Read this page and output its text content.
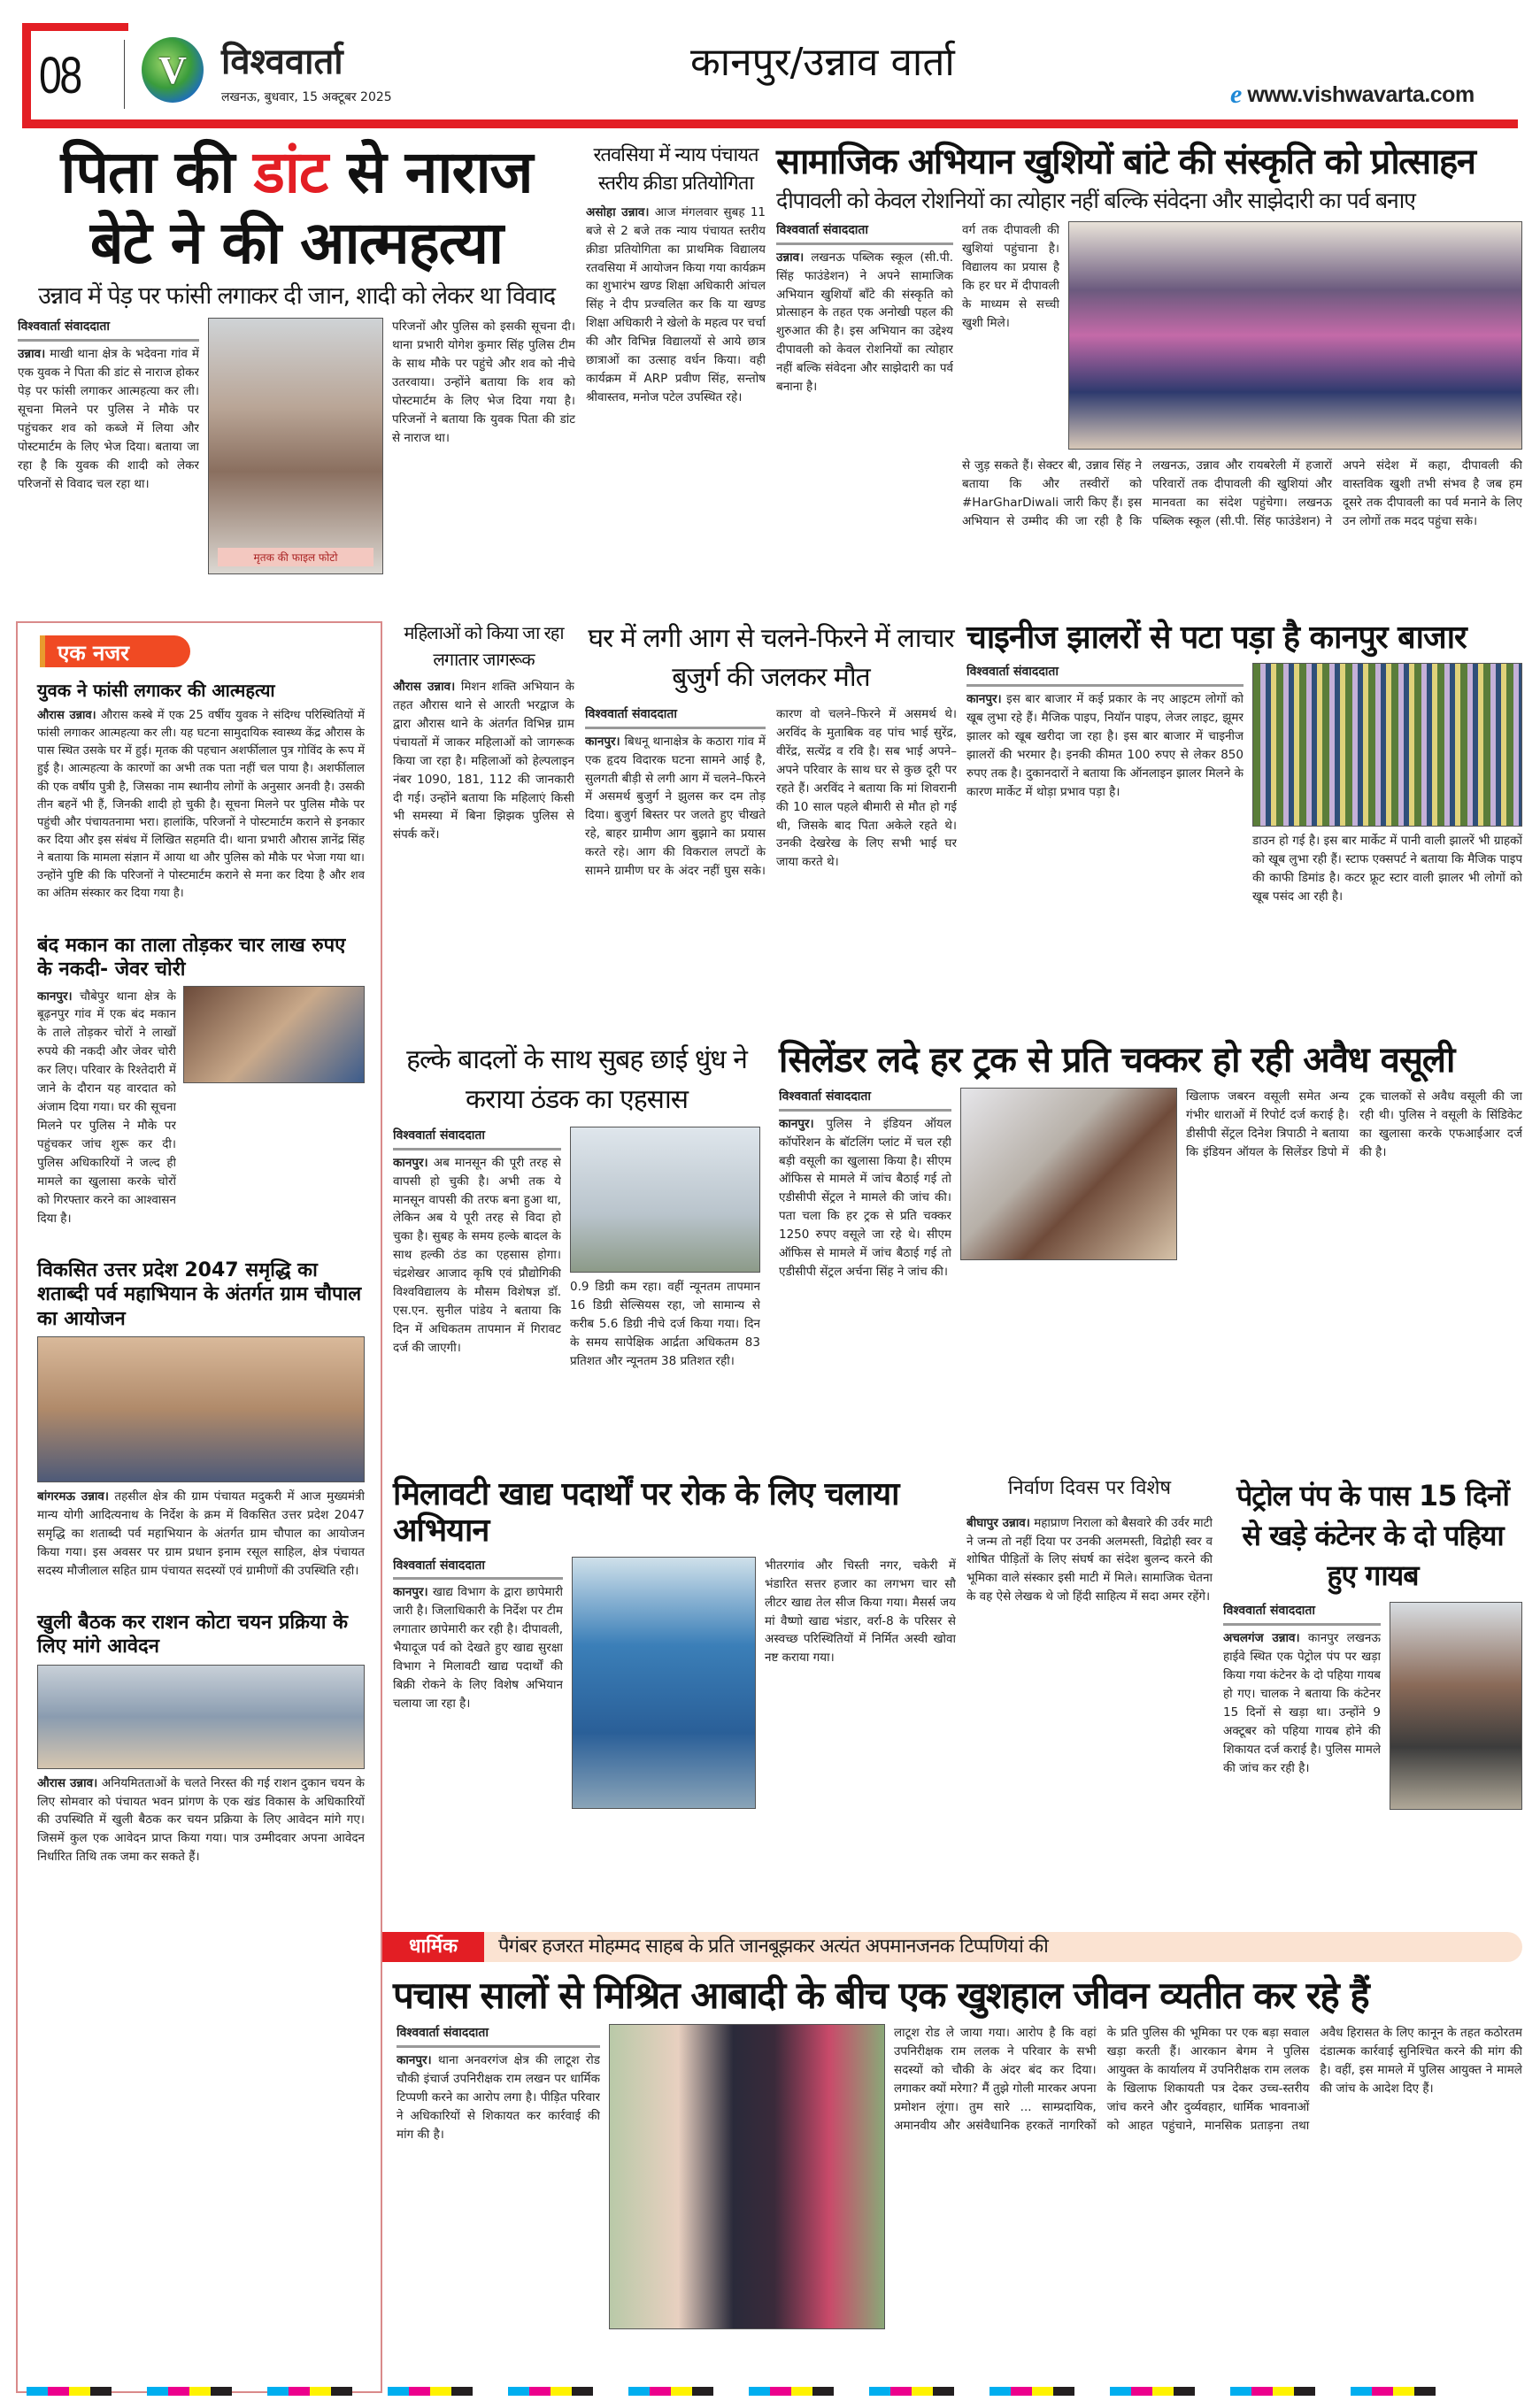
08 V विश्ववार्ता
लखनऊ, बुधवार, 15 अक्टूबर 2025
कानपुर/उन्नाव वार्ता
e www.vishwavarta.com
पिता की डांट से नाराज
बेटे ने की आत्महत्या
उन्नाव में पेड़ पर फांसी लगाकर दी जान, शादी को लेकर था विवाद
विश्ववार्ता संवाददाता
उन्नाव। माखी थाना क्षेत्र के भदेवना गांव में एक युवक ने पिता की डांट से नाराज होकर पेड़ पर फांसी लगाकर आत्महत्या कर ली। सूचना मिलने पर पुलिस ने मौके पर पहुंचकर शव को कब्जे में लिया और पोस्टमार्टम के लिए भेज दिया। बताया जा रहा है कि युवक की शादी को लेकर परिजनों से विवाद चल रहा था।
मृतक की फाइल फोटो
परिजनों और पुलिस को इसकी सूचना दी। थाना प्रभारी योगेश कुमार सिंह पुलिस टीम के साथ मौके पर पहुंचे और शव को नीचे उतरवाया। उन्होंने बताया कि शव को पोस्टमार्टम के लिए भेज दिया गया है। परिजनों ने बताया कि युवक पिता की डांट से नाराज था।
रतवसिया में न्याय पंचायत स्तरीय क्रीडा प्रतियोगिता
असोहा उन्नाव। आज मंगलवार सुबह 11 बजे से 2 बजे तक न्याय पंचायत स्तरीय क्रीडा प्रतियोगिता का प्राथमिक विद्यालय रतवसिया में आयोजन किया गया कार्यक्रम का शुभारंभ खण्ड शिक्षा अधिकारी आंचल सिंह ने दीप प्रज्वलित कर कि या खण्ड शिक्षा अधिकारी ने खेलो के महत्व पर चर्चा की और विभिन्न विद्यालयों से आये छात्र छात्राओं का उत्साह वर्धन किया। वही कार्यक्रम में ARP प्रवीण सिंह, सन्तोष श्रीवास्तव, मनोज पटेल उपस्थित रहे।
सामाजिक अभियान खुशियों बांटे की संस्कृति को प्रोत्साहन
दीपावली को केवल रोशनियों का त्योहार नहीं बल्कि संवेदना और साझेदारी का पर्व बनाए
विश्ववार्ता संवाददाता
उन्नाव। लखनऊ पब्लिक स्कूल (सी.पी. सिंह फाउंडेशन) ने अपने सामाजिक अभियान खुशियाँ बाँटे की संस्कृति को प्रोत्साहन के तहत एक अनोखी पहल की शुरुआत की है। इस अभियान का उद्देश्य दीपावली को केवल रोशनियों का त्योहार नहीं बल्कि संवेदना और साझेदारी का पर्व बनाना है।
वर्ग तक दीपावली की खुशियां पहुंचाना है। विद्यालय का प्रयास है कि हर घर में दीपावली के माध्यम से सच्ची खुशी मिले।
से जुड़ सकते हैं। सेक्टर बी, उन्नाव सिंह ने बताया कि और तस्वीरों को #HarGharDiwali जारी किए हैं। इस अभियान से उम्मीद की जा रही है कि लखनऊ, उन्नाव और रायबरेली में हजारों परिवारों तक दीपावली की खुशियां और मानवता का संदेश पहुंचेगा। लखनऊ पब्लिक स्कूल (सी.पी. सिंह फाउंडेशन) ने अपने संदेश में कहा, दीपावली की वास्तविक खुशी तभी संभव है जब हम दूसरे तक दीपावली का पर्व मनाने के लिए उन लोगों तक मदद पहुंचा सके।
एक नजर
युवक ने फांसी लगाकर की आत्महत्या
औरास उन्नाव। औरास कस्बे में एक 25 वर्षीय युवक ने संदिग्ध परिस्थितियों में फांसी लगाकर आत्महत्या कर ली। यह घटना सामुदायिक स्वास्थ्य केंद्र औरास के पास स्थित उसके घर में हुई। मृतक की पहचान अशर्फीलाल पुत्र गोविंद के रूप में हुई है। आत्महत्या के कारणों का अभी तक पता नहीं चल पाया है। अशर्फीलाल की एक वर्षीय पुत्री है, जिसका नाम स्थानीय लोगों के अनुसार अनवी है। उसकी तीन बहनें भी हैं, जिनकी शादी हो चुकी है। सूचना मिलने पर पुलिस मौके पर पहुंची और पंचायतनामा भरा। हालांकि, परिजनों ने पोस्टमार्टम कराने से इनकार कर दिया और इस संबंध में लिखित सहमति दी। थाना प्रभारी औरास ज्ञानेंद्र सिंह ने बताया कि मामला संज्ञान में आया था और पुलिस को मौके पर भेजा गया था। उन्होंने पुष्टि की कि परिजनों ने पोस्टमार्टम कराने से मना कर दिया है और शव का अंतिम संस्कार कर दिया गया है।
बंद मकान का ताला तोड़कर चार लाख रुपए के नकदी- जेवर चोरी
कानपुर। चौबेपुर थाना क्षेत्र के बूढ़नपुर गांव में एक बंद मकान के ताले तोड़कर चोरों ने लाखों रुपये की नकदी और जेवर चोरी कर लिए। परिवार के रिश्तेदारी में जाने के दौरान यह वारदात को अंजाम दिया गया। घर की सूचना मिलने पर पुलिस ने मौके पर पहुंचकर जांच शुरू कर दी। पुलिस अधिकारियों ने जल्द ही मामले का खुलासा करके चोरों को गिरफ्तार करने का आश्वासन दिया है।
विकसित उत्तर प्रदेश 2047 समृद्धि का शताब्दी पर्व महाभियान के अंतर्गत ग्राम चौपाल का आयोजन
बांगरमऊ उन्नाव। तहसील क्षेत्र की ग्राम पंचायत मदुकरी में आज मुख्यमंत्री मान्य योगी आदित्यनाथ के निर्देश के क्रम में विकसित उत्तर प्रदेश 2047 समृद्धि का शताब्दी पर्व महाभियान के अंतर्गत ग्राम चौपाल का आयोजन किया गया। इस अवसर पर ग्राम प्रधान इनाम रसूल साहिल, क्षेत्र पंचायत सदस्य मौजीलाल सहित ग्राम पंचायत सदस्यों एवं ग्रामीणों की उपस्थिति रही।
खुली बैठक कर राशन कोटा चयन प्रक्रिया के लिए मांगे आवेदन
औरास उन्नाव। अनियमितताओं के चलते निरस्त की गई राशन दुकान चयन के लिए सोमवार को पंचायत भवन प्रांगण के एक खंड विकास के अधिकारियों की उपस्थिति में खुली बैठक कर चयन प्रक्रिया के लिए आवेदन मांगे गए। जिसमें कुल एक आवेदन प्राप्त किया गया। पात्र उम्मीदवार अपना आवेदन निर्धारित तिथि तक जमा कर सकते हैं।
महिलाओं को किया जा रहा लगातार जागरूक
औरास उन्नाव। मिशन शक्ति अभियान के तहत औरास थाने से आरती भरद्वाज के द्वारा औरास थाने के अंतर्गत विभिन्न ग्राम पंचायतों में जाकर महिलाओं को जागरूक किया जा रहा है। महिलाओं को हेल्पलाइन नंबर 1090, 181, 112 की जानकारी दी गई। उन्होंने बताया कि महिलाएं किसी भी समस्या में बिना झिझक पुलिस से संपर्क करें।
घर में लगी आग से चलने-फिरने में लाचार बुजुर्ग की जलकर मौत
विश्ववार्ता संवाददाता
कानपुर। बिधनू थानाक्षेत्र के कठारा गांव में एक हृदय विदारक घटना सामने आई है, सुलगती बीड़ी से लगी आग में चलने–फिरने में असमर्थ बुजुर्ग ने झुलस कर दम तोड़ दिया। बुजुर्ग बिस्तर पर जलते हुए चीखते रहे, बाहर ग्रामीण आग बुझाने का प्रयास करते रहे। आग की विकराल लपटों के सामने ग्रामीण घर के अंदर नहीं घुस सके। कारण वो चलने–फिरने में असमर्थ थे। अरविंद के मुताबिक वह पांच भाई सुरेंद्र, वीरेंद्र, सत्येंद्र व रवि है। सब भाई अपने–अपने परिवार के साथ घर से कुछ दूरी पर रहते हैं। अरविंद ने बताया कि मां शिवरानी की 10 साल पहले बीमारी से मौत हो गई थी, जिसके बाद पिता अकेले रहते थे। उनकी देखरेख के लिए सभी भाई घर जाया करते थे।
चाइनीज झालरों से पटा पड़ा है कानपुर बाजार
विश्ववार्ता संवाददाता
कानपुर। इस बार बाजार में कई प्रकार के नए आइटम लोगों को खूब लुभा रहे हैं। मैजिक पाइप, नियॉन पाइप, लेजर लाइट, झूमर झालर को खूब खरीदा जा रहा है। इस बार बाजार में चाइनीज झालरों की भरमार है। इनकी कीमत 100 रुपए से लेकर 850 रुपए तक है। दुकानदारों ने बताया कि ऑनलाइन झालर मिलने के कारण मार्केट में थोड़ा प्रभाव पड़ा है।
डाउन हो गई है। इस बार मार्केट में पानी वाली झालरें भी ग्राहकों को खूब लुभा रही हैं। स्टाफ एक्सपर्ट ने बताया कि मैजिक पाइप की काफी डिमांड है। कटर फ्रूट स्टार वाली झालर भी लोगों को खूब पसंद आ रही है।
हल्के बादलों के साथ सुबह छाई धुंध ने कराया ठंडक का एहसास
विश्ववार्ता संवाददाता
कानपुर। अब मानसून की पूरी तरह से वापसी हो चुकी है। अभी तक ये मानसून वापसी की तरफ बना हुआ था, लेकिन अब ये पूरी तरह से विदा हो चुका है। सुबह के समय हल्के बादल के साथ हल्की ठंड का एहसास होगा। चंद्रशेखर आजाद कृषि एवं प्रौद्योगिकी विश्वविद्यालय के मौसम विशेषज्ञ डॉ. एस.एन. सुनील पांडेय ने बताया कि दिन में अधिकतम तापमान में गिरावट दर्ज की जाएगी।
0.9 डिग्री कम रहा। वहीं न्यूनतम तापमान 16 डिग्री सेल्सियस रहा, जो सामान्य से करीब 5.6 डिग्री नीचे दर्ज किया गया। दिन के समय सापेक्षिक आर्द्रता अधिकतम 83 प्रतिशत और न्यूनतम 38 प्रतिशत रही।
सिलेंडर लदे हर ट्रक से प्रति चक्कर हो रही अवैध वसूली
विश्ववार्ता संवाददाता
कानपुर। पुलिस ने इंडियन ऑयल कॉर्पोरेशन के बॉटलिंग प्लांट में चल रही बड़ी वसूली का खुलासा किया है। सीएम ऑफिस से मामले में जांच बैठाई गई तो एडीसीपी सेंट्रल ने मामले की जांच की। पता चला कि हर ट्रक से प्रति चक्कर 1250 रुपए वसूले जा रहे थे। सीएम ऑफिस से मामले में जांच बैठाई गई तो एडीसीपी सेंट्रल अर्चना सिंह ने जांच की।
खिलाफ जबरन वसूली समेत अन्य गंभीर धाराओं में रिपोर्ट दर्ज कराई है। डीसीपी सेंट्रल दिनेश त्रिपाठी ने बताया कि इंडियन ऑयल के सिलेंडर डिपो में ट्रक चालकों से अवैध वसूली की जा रही थी। पुलिस ने वसूली के सिंडिकेट का खुलासा करके एफआईआर दर्ज की है।
मिलावटी खाद्य पदार्थों पर रोक के लिए चलाया अभियान
विश्ववार्ता संवाददाता
कानपुर। खाद्य विभाग के द्वारा छापेमारी जारी है। जिलाधिकारी के निर्देश पर टीम लगातार छापेमारी कर रही है। दीपावली, भैयादूज पर्व को देखते हुए खाद्य सुरक्षा विभाग ने मिलावटी खाद्य पदार्थों की बिक्री रोकने के लिए विशेष अभियान चलाया जा रहा है।
भीतरगांव और चिस्ती नगर, चकेरी में भंडारित सत्तर हजार का लगभग चार सौ लीटर खाद्य तेल सीज किया गया। मैसर्स जय मां वैष्णो खाद्य भंडार, वर्रा-8 के परिसर से अस्वच्छ परिस्थितियों में निर्मित अस्वी खोवा नष्ट कराया गया।
निर्वाण दिवस पर विशेष
बीघापुर उन्नाव। महाप्राण निराला को बैसवारे की उर्वर माटी ने जन्म तो नहीं दिया पर उनकी अलमस्ती, विद्रोही स्वर व शोषित पीड़ितों के लिए संघर्ष का संदेश बुलन्द करने की भूमिका वाले संस्कार इसी माटी में मिले। सामाजिक चेतना के वह ऐसे लेखक थे जो हिंदी साहित्य में सदा अमर रहेंगे।
पेट्रोल पंप के पास 15 दिनों से खड़े कंटेनर के दो पहिया हुए गायब
विश्ववार्ता संवाददाता
अचलगंज उन्नाव। कानपुर लखनऊ हाईवे स्थित एक पेट्रोल पंप पर खड़ा किया गया कंटेनर के दो पहिया गायब हो गए। चालक ने बताया कि कंटेनर 15 दिनों से खड़ा था। उन्होंने 9 अक्टूबर को पहिया गायब होने की शिकायत दर्ज कराई है। पुलिस मामले की जांच कर रही है।
धार्मिक	पैगंबर हजरत मोहम्मद साहब के प्रति जानबूझकर अत्यंत अपमानजनक टिप्पणियां की
पचास सालों से मिश्रित आबादी के बीच एक खुशहाल जीवन व्यतीत कर रहे हैं
विश्ववार्ता संवाददाता
कानपुर। थाना अनवरगंज क्षेत्र की लाटूश रोड चौकी इंचार्ज उपनिरीक्षक राम लखन पर धार्मिक टिप्पणी करने का आरोप लगा है। पीड़ित परिवार ने अधिकारियों से शिकायत कर कार्रवाई की मांग की है।
लाटूश रोड ले जाया गया। आरोप है कि वहां उपनिरीक्षक राम ललक ने परिवार के सभी सदस्यों को चौकी के अंदर बंद कर दिया। लगाकर क्यों मरेगा? मैं तुझे गोली मारकर अपना प्रमोशन लूंगा। तुम सारे ... साम्प्रदायिक, अमानवीय और असंवैधानिक हरकतें नागरिकों के प्रति पुलिस की भूमिका पर एक बड़ा सवाल खड़ा करती हैं। आरकान बेगम ने पुलिस आयुक्त के कार्यालय में उपनिरीक्षक राम ललक के खिलाफ शिकायती पत्र देकर उच्च-स्तरीय जांच करने और दुर्व्यवहार, धार्मिक भावनाओं को आहत पहुंचाने, मानसिक प्रताड़ना तथा अवैध हिरासत के लिए कानून के तहत कठोरतम दंडात्मक कार्रवाई सुनिश्चित करने की मांग की है। वहीं, इस मामले में पुलिस आयुक्त ने मामले की जांच के आदेश दिए हैं।
